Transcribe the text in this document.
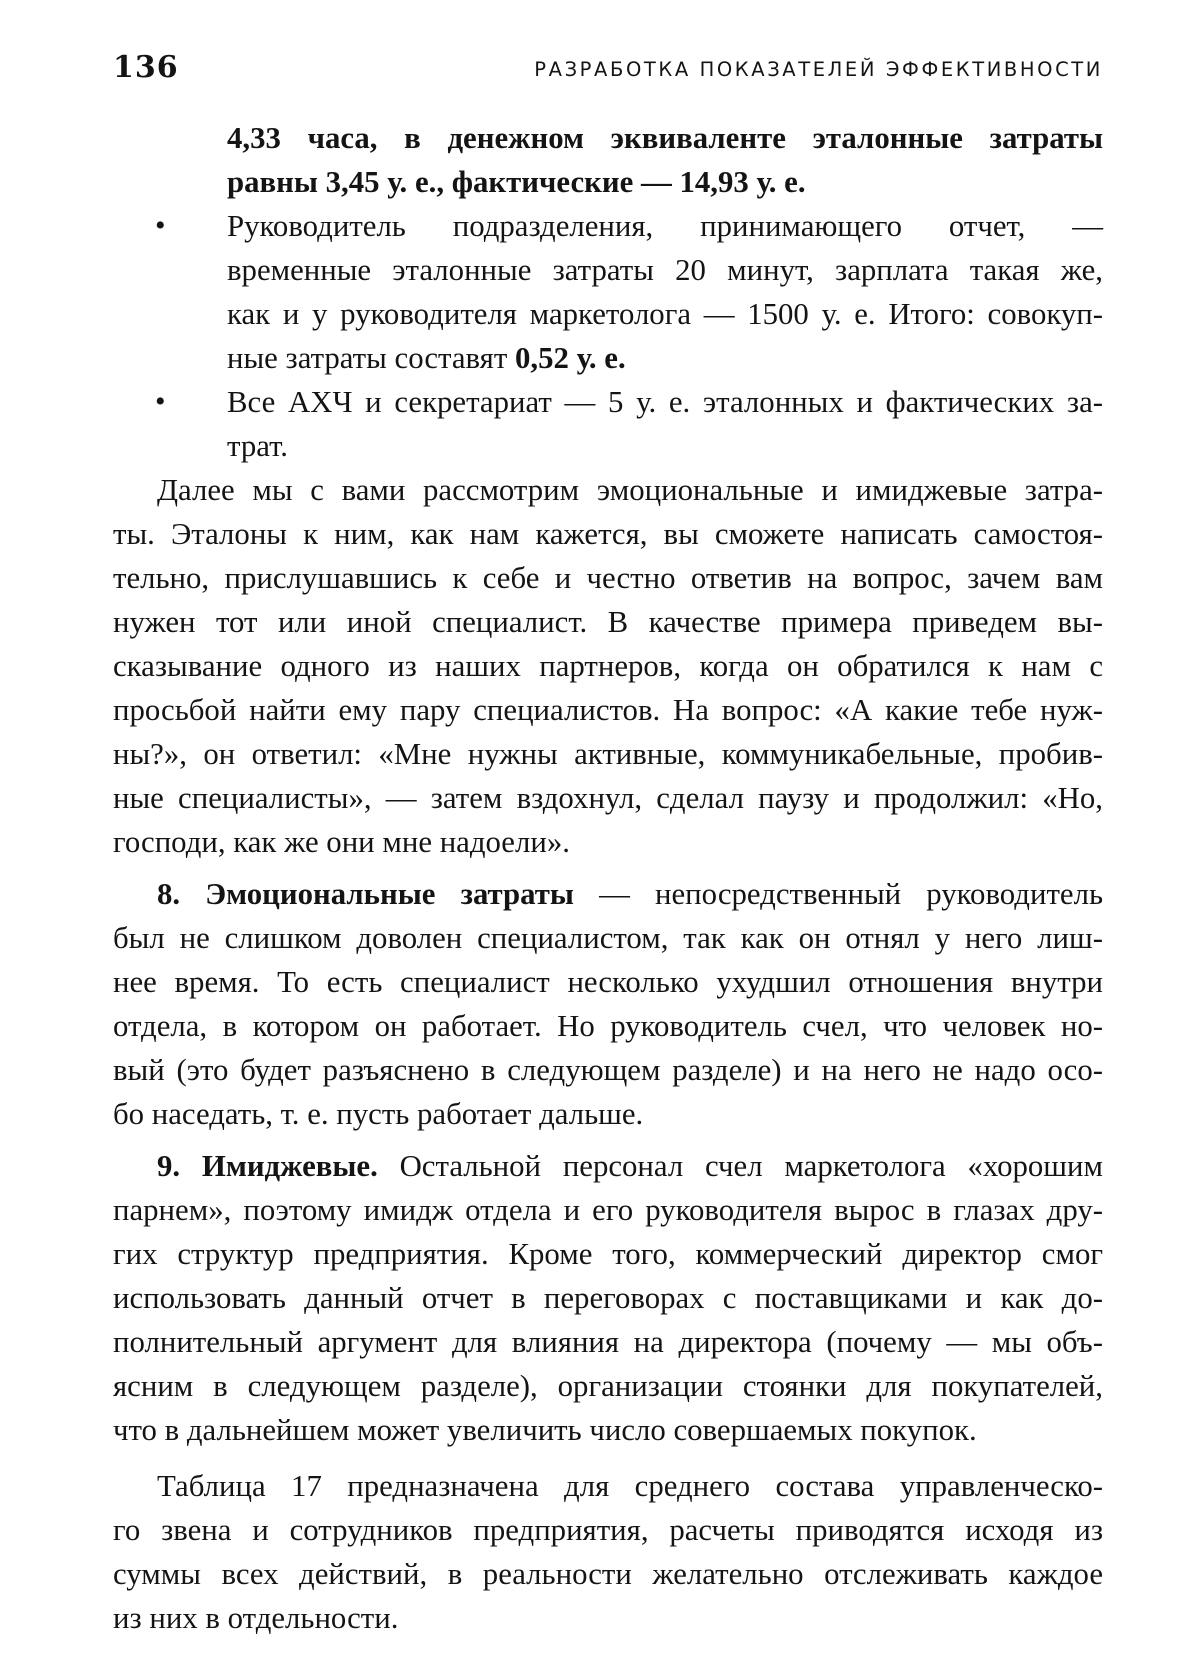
136	РАЗРАБОТКА ПОКАЗАТЕЛЕЙ ЭФФЕКТИВНОСТИ
4,33 часа, в денежном эквиваленте эталонные затраты
равны 3,45 у. е., фактические — 14,93 у. е.
•	Руководитель подразделения, принимающего отчет, —
временные эталонные затраты 20 минут, зарплата такая же,
как и у руководителя маркетолога — 1500 у. е. Итого: совокуп-
ные затраты составят 0,52 у. е.
•	Все АХЧ и секретариат — 5 у. е. эталонных и фактических за-
трат.
Далее мы с вами рассмотрим эмоциональные и имиджевые затра-
ты. Эталоны к ним, как нам кажется, вы сможете написать самостоя-
тельно, прислушавшись к себе и честно ответив на вопрос, зачем вам
нужен тот или иной специалист. В качестве примера приведем вы-
сказывание одного из наших партнеров, когда он обратился к нам с
просьбой найти ему пару специалистов. На вопрос: «А какие тебе нуж-
ны?», он ответил: «Мне нужны активные, коммуникабельные, пробив-
ные специалисты», — затем вздохнул, сделал паузу и продолжил: «Но,
господи, как же они мне надоели».
8. Эмоциональные затраты — непосредственный руководитель
был не слишком доволен специалистом, так как он отнял у него лиш-
нее время. То есть специалист несколько ухудшил отношения внутри
отдела, в котором он работает. Но руководитель счел, что человек но-
вый (это будет разъяснено в следующем разделе) и на него не надо осо-
бо наседать, т. е. пусть работает дальше.
9. Имиджевые. Остальной персонал счел маркетолога «хорошим
парнем», поэтому имидж отдела и его руководителя вырос в глазах дру-
гих структур предприятия. Кроме того, коммерческий директор смог
использовать данный отчет в переговорах с поставщиками и как до-
полнительный аргумент для влияния на директора (почему — мы объ-
ясним в следующем разделе), организации стоянки для покупателей,
что в дальнейшем может увеличить число совершаемых покупок.
Таблица 17 предназначена для среднего состава управленческо-
го звена и сотрудников предприятия, расчеты приводятся исходя из
суммы всех действий, в реальности желательно отслеживать каждое
из них в отдельности.
